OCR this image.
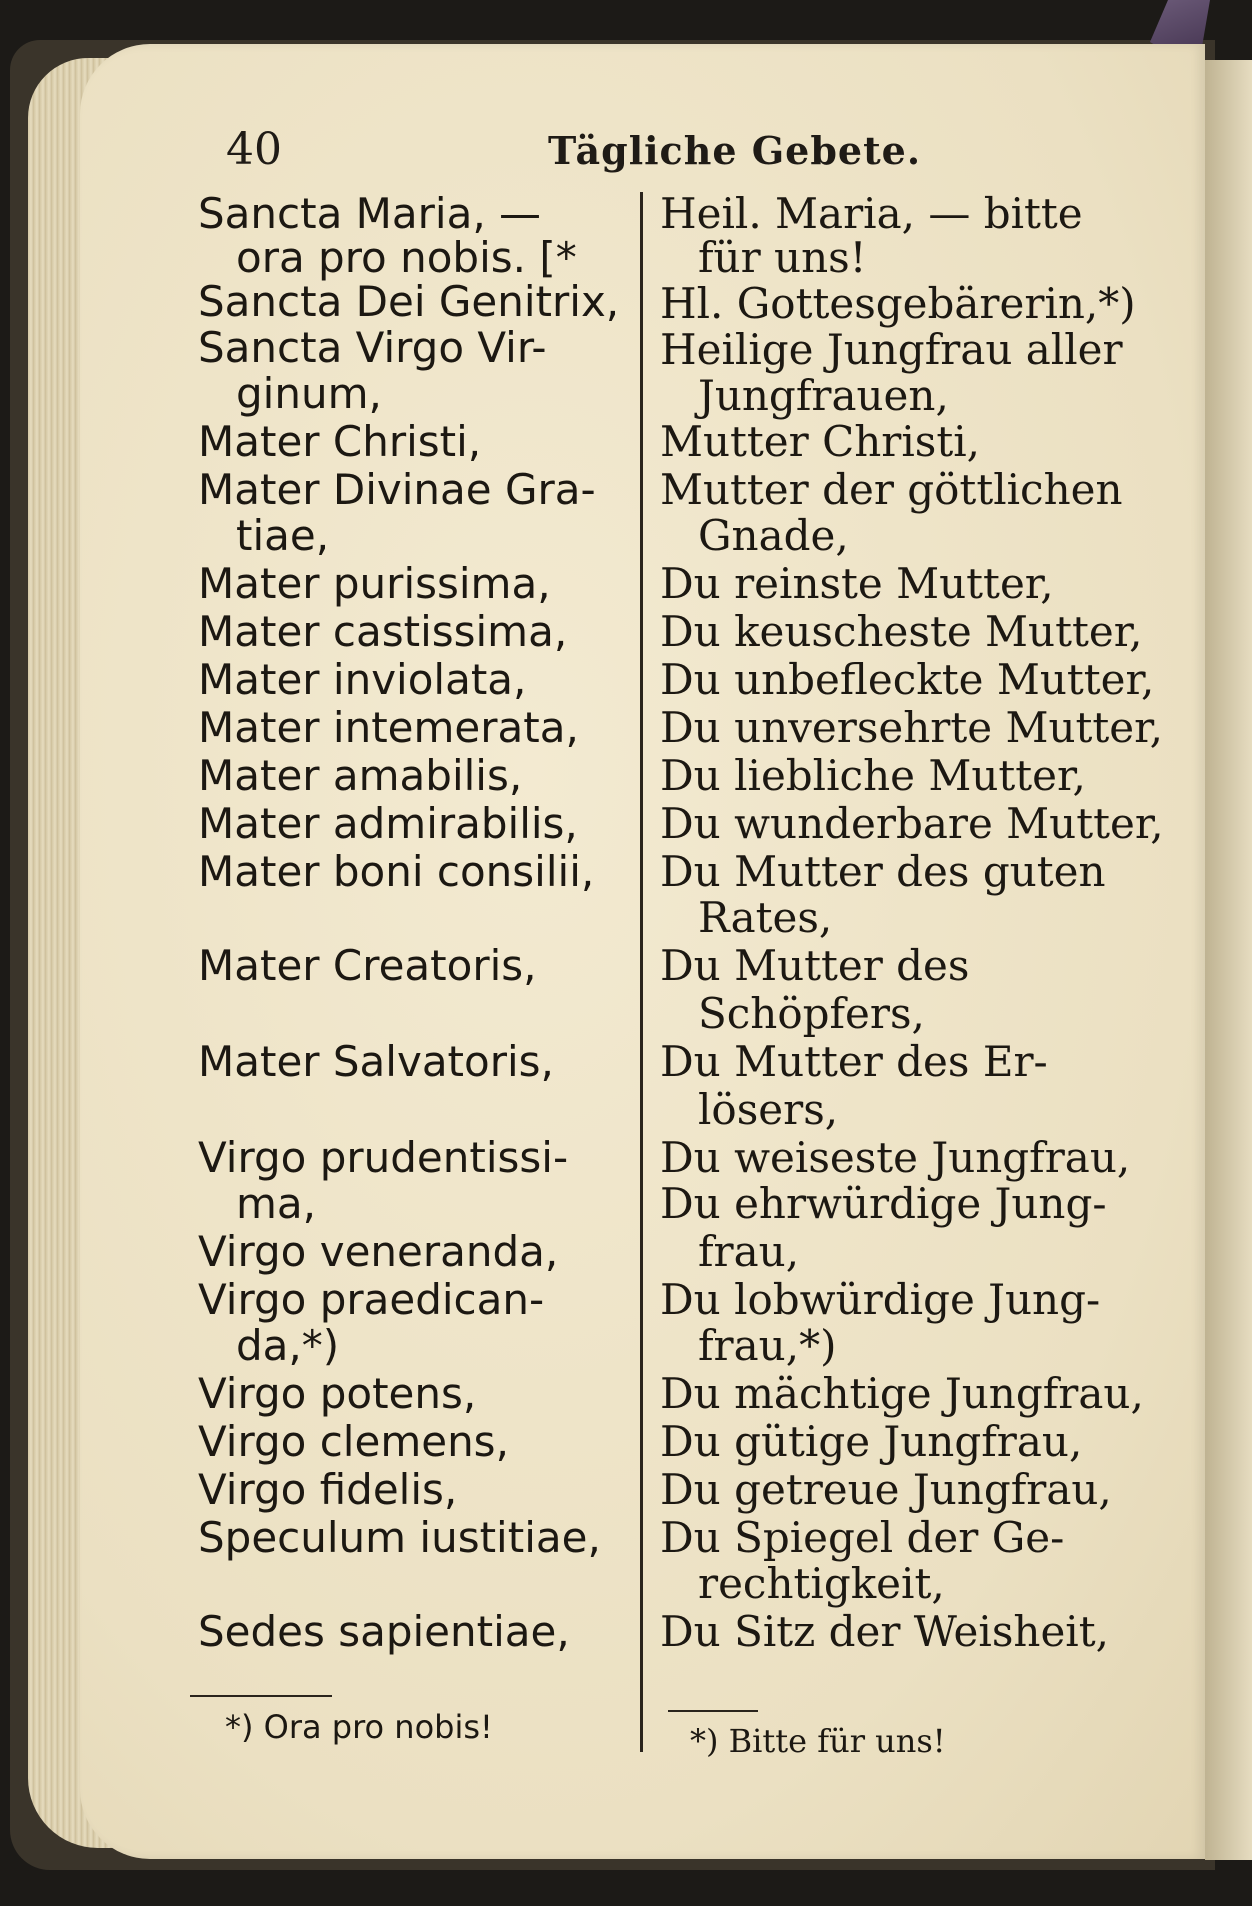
40	Tägliche Gebete.
Sancta Maria, —
ora pro nobis. [*
Sancta Dei Genitrix,
Sancta Virgo Vir-
ginum,
Mater Christi,
Mater Divinae Gra-
tiae,
Mater purissima,
Mater castissima,
Mater inviolata,
Mater intemerata,
Mater amabilis,
Mater admirabilis,
Mater boni consilii,
Mater Creatoris,
Mater Salvatoris,
Virgo prudentissi-
ma,
Virgo veneranda,
Virgo praedican-
da,*)
Virgo potens,
Virgo clemens,
Virgo fidelis,
Speculum iustitiae,
Sedes sapientiae,
Heil. Maria, — bitte
für uns!
Hl. Gottesgebärerin,*)
Heilige Jungfrau aller
Jungfrauen,
Mutter Christi,
Mutter der göttlichen
Gnade,
Du reinste Mutter,
Du keuscheste Mutter,
Du unbefleckte Mutter,
Du unversehrte Mutter,
Du liebliche Mutter,
Du wunderbare Mutter,
Du Mutter des guten
Rates,
Du Mutter des
Schöpfers,
Du Mutter des Er-
lösers,
Du weiseste Jungfrau,
Du ehrwürdige Jung-
frau,
Du lobwürdige Jung-
frau,*)
Du mächtige Jungfrau,
Du gütige Jungfrau,
Du getreue Jungfrau,
Du Spiegel der Ge-
rechtigkeit,
Du Sitz der Weisheit,
*) Ora pro nobis!	*) Bitte für uns!
